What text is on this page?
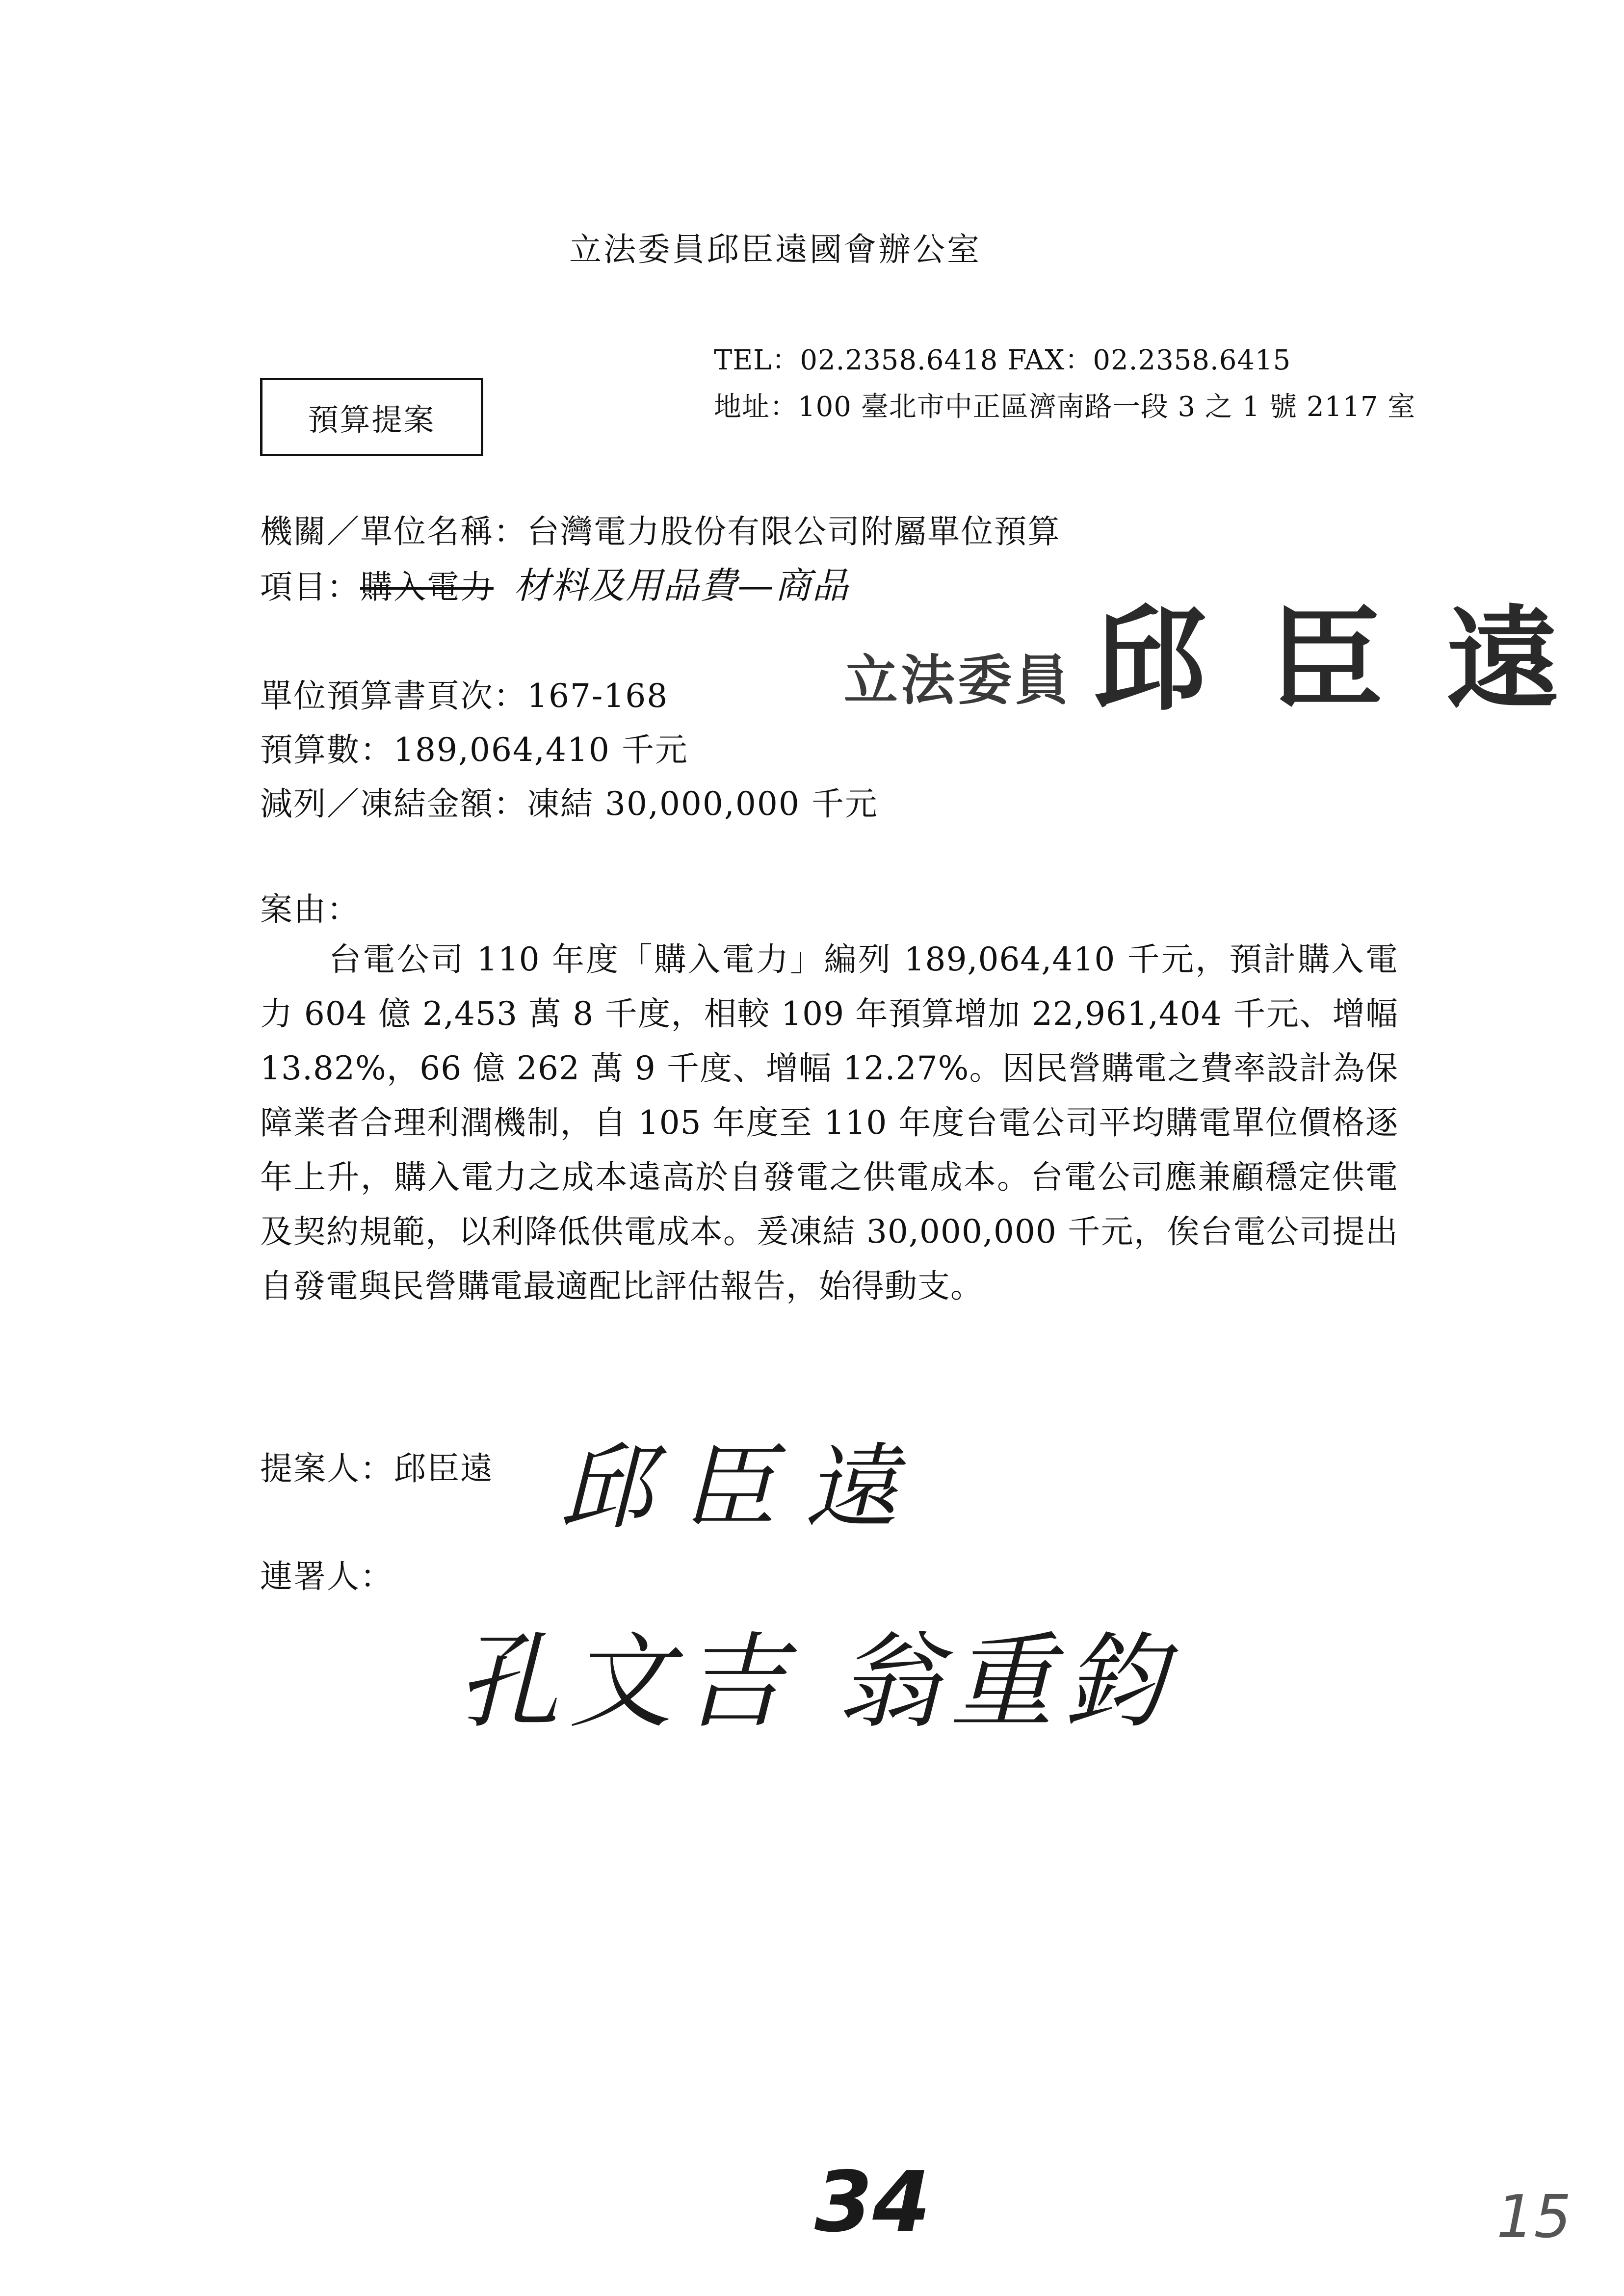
立法委員邱臣遠國會辦公室
TEL：02.2358.6418 FAX：02.2358.6415
地址：100 臺北市中正區濟南路一段 3 之 1 號 2117 室
預算提案
機關／單位名稱：台灣電力股份有限公司附屬單位預算
項目：購入電力 材料及用品費—商品
立法委員 邱臣遠
單位預算書頁次：167-168
預算數：189,064,410 千元
減列／凍結金額：凍結 30,000,000 千元
案由：
台電公司 110 年度「購入電力」編列 189,064,410 千元，預計購入電力 604 億 2,453 萬 8 千度，相較 109 年預算增加 22,961,404 千元、增幅 13.82%，66 億 262 萬 9 千度、增幅 12.27%。因民營購電之費率設計為保障業者合理利潤機制，自 105 年度至 110 年度台電公司平均購電單位價格逐年上升，購入電力之成本遠高於自發電之供電成本。台電公司應兼顧穩定供電及契約規範，以利降低供電成本。爰凍結 30,000,000 千元，俟台電公司提出自發電與民營購電最適配比評估報告，始得動支。
提案人：邱臣遠 邱臣遠
連署人：
孔文吉 翁重鈞
34	15
